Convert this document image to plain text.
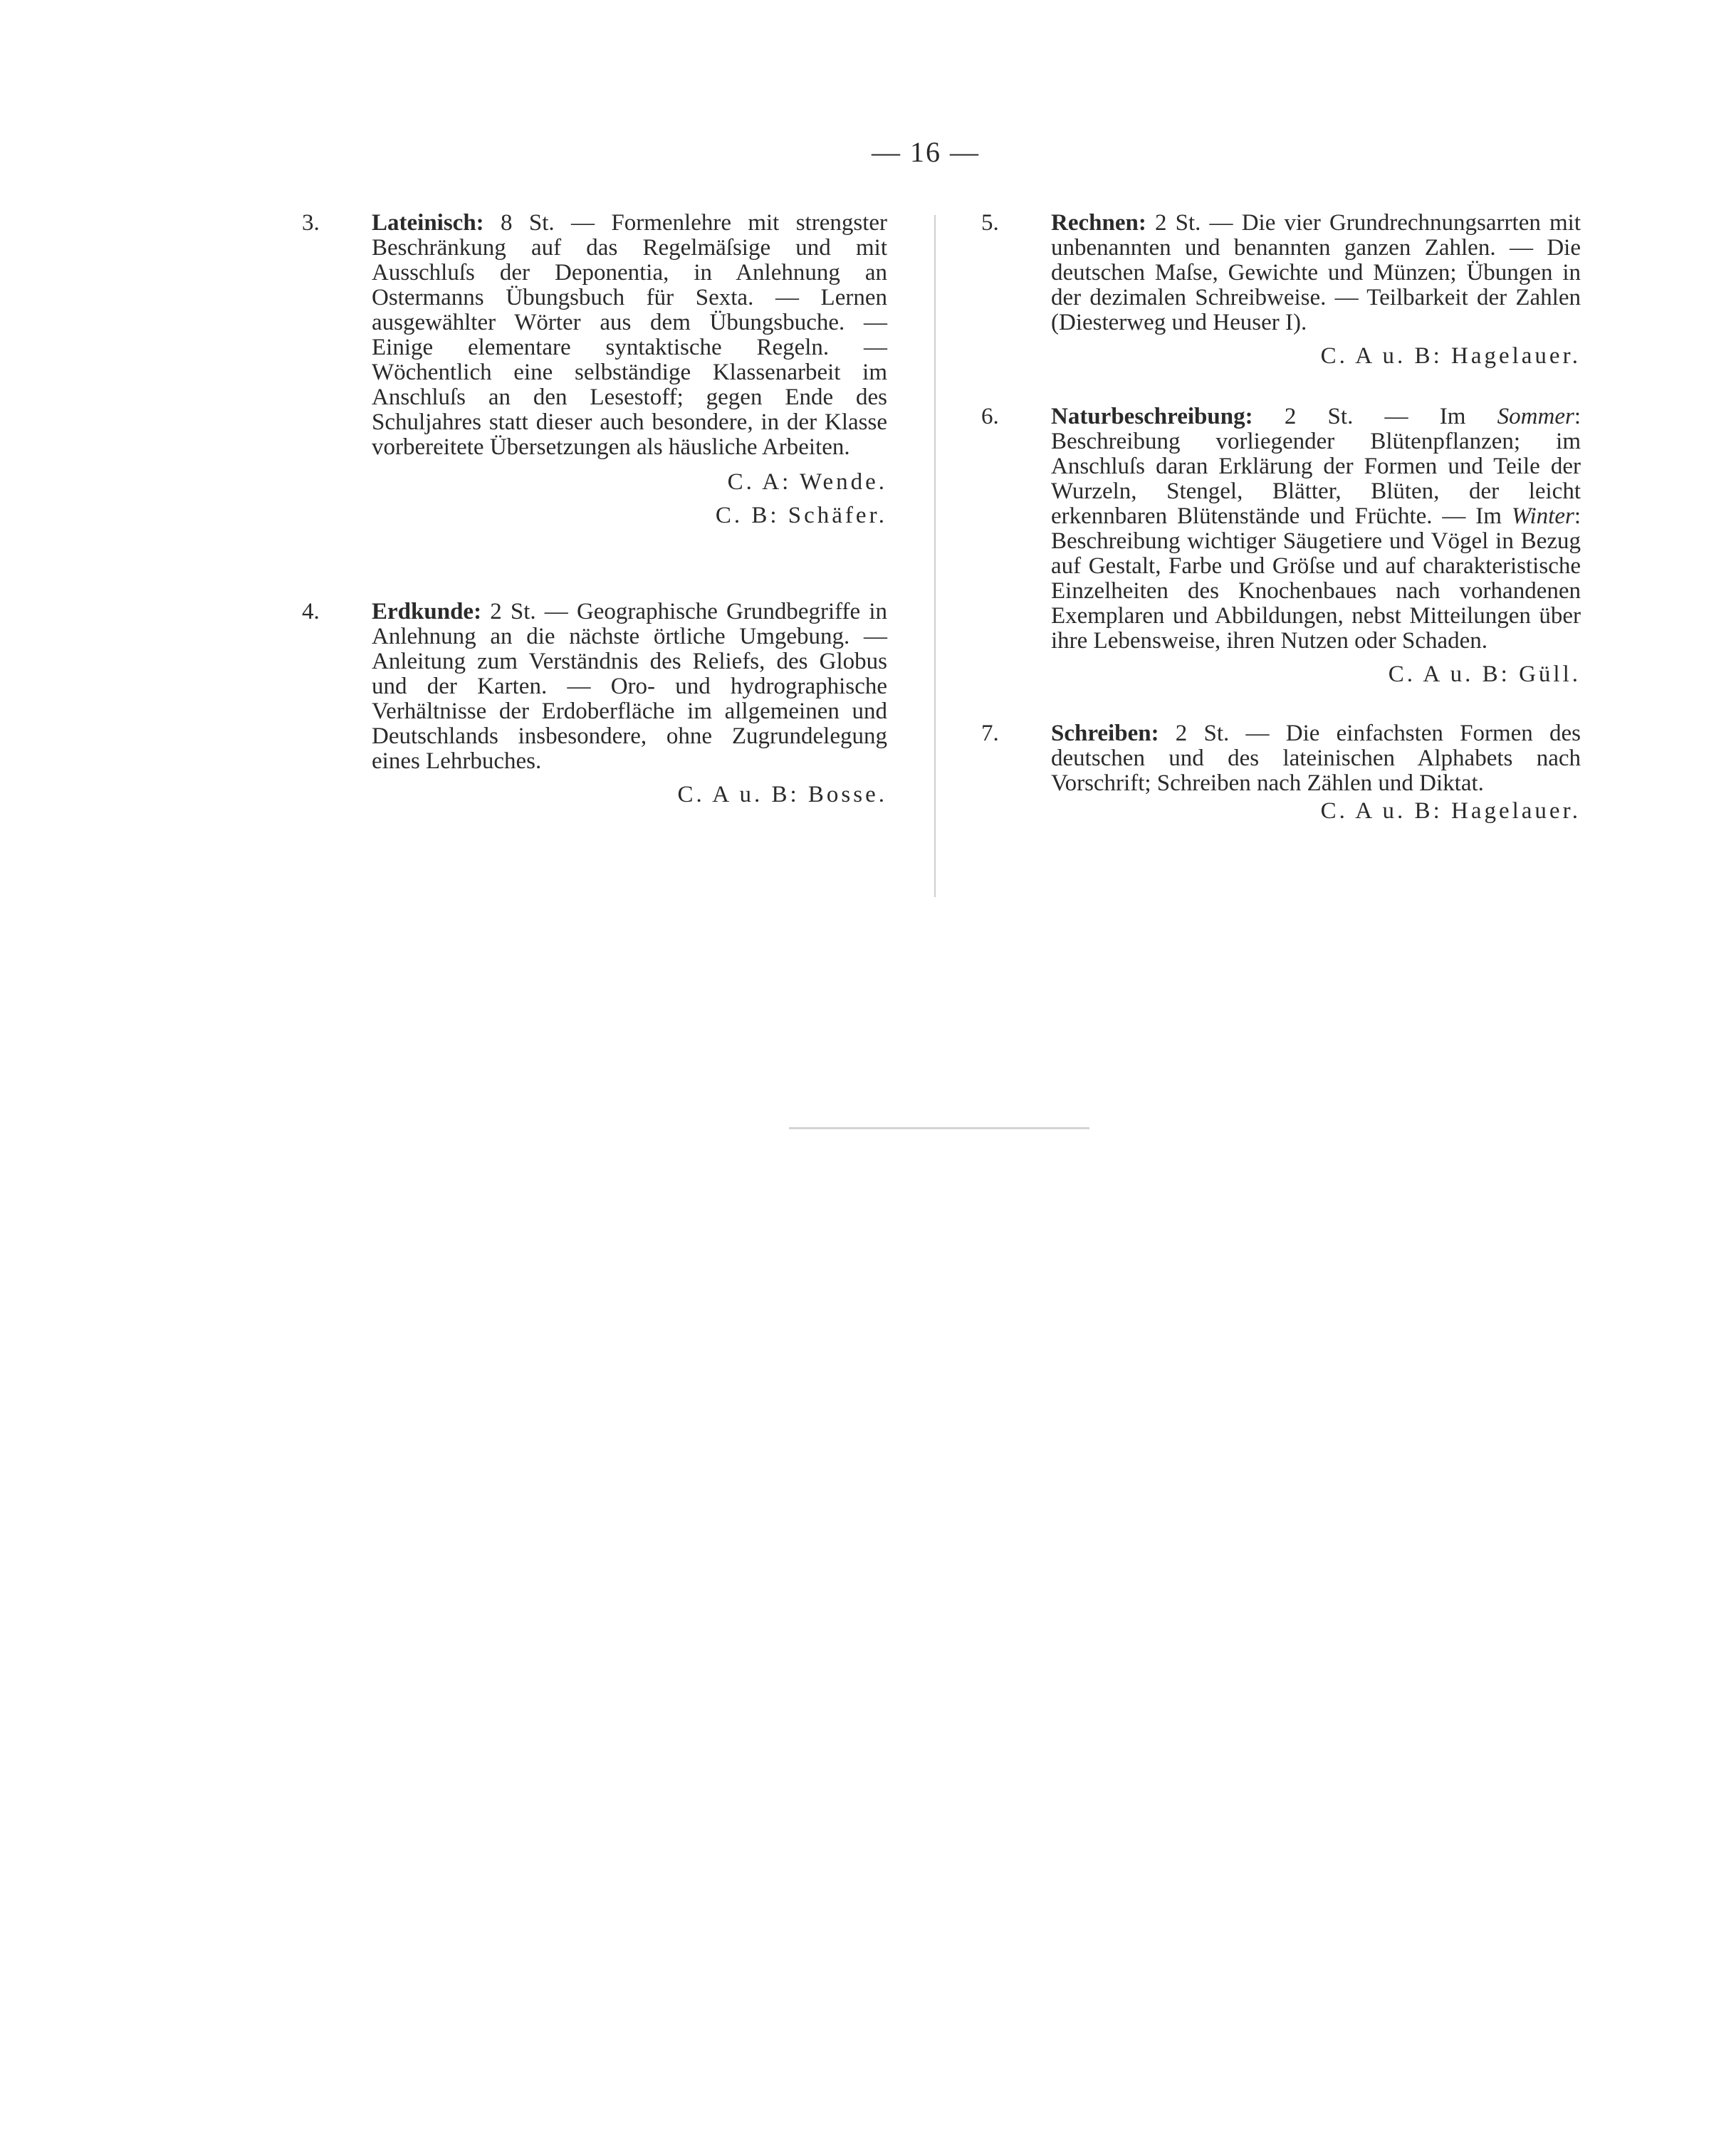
— 16 —
3. Lateinisch: 8 St. — Formenlehre mit strengster Beschränkung auf das Regelmäſsige und mit Ausschluſs der Deponentia, in Anlehnung an Ostermanns Übungsbuch für Sexta. — Lernen ausgewählter Wörter aus dem Übungsbuche. — Einige elementare syntaktische Regeln. — Wöchentlich eine selbständige Klassenarbeit im Anschluſs an den Lesestoff; gegen Ende des Schuljahres statt dieser auch besondere, in der Klasse vorbereitete Übersetzungen als häusliche Arbeiten.

C. A: Wende.

C. B: Schäfer.

4. Erdkunde: 2 St. — Geographische Grundbegriffe in Anlehnung an die nächste örtliche Umgebung. — Anleitung zum Verständnis des Reliefs, des Globus und der Karten. — Oro- und hydrographische Verhältnisse der Erdoberfläche im allgemeinen und Deutschlands insbesondere, ohne Zugrundelegung eines Lehrbuches.

C. A u. B: Bosse.

5. Rechnen: 2 St. — Die vier Grundrechnungsarrten mit unbenannten und benannten ganzen Zahlen. — Die deutschen Maſse, Gewichte und Münzen; Übungen in der dezimalen Schreibweise. — Teilbarkeit der Zahlen (Diesterweg und Heuser I).

C. A u. B: Hagelauer.

6. Naturbeschreibung: 2 St. — Im Sommer: Beschreibung vorliegender Blütenpflanzen; im Anschluſs daran Erklärung der Formen und Teile der Wurzeln, Stengel, Blätter, Blüten, der leicht erkennbaren Blütenstände und Früchte. — Im Winter: Beschreibung wichtiger Säugetiere und Vögel in Bezug auf Gestalt, Farbe und Gröſse und auf charakteristische Einzelheiten des Knochenbaues nach vorhandenen Exemplaren und Abbildungen, nebst Mitteilungen über ihre Lebensweise, ihren Nutzen oder Schaden.

C. A u. B: Güll.

7. Schreiben: 2 St. — Die einfachsten Formen des deutschen und des lateinischen Alphabets nach Vorschrift; Schreiben nach Zählen und Diktat.

C. A u. B: Hagelauer.
